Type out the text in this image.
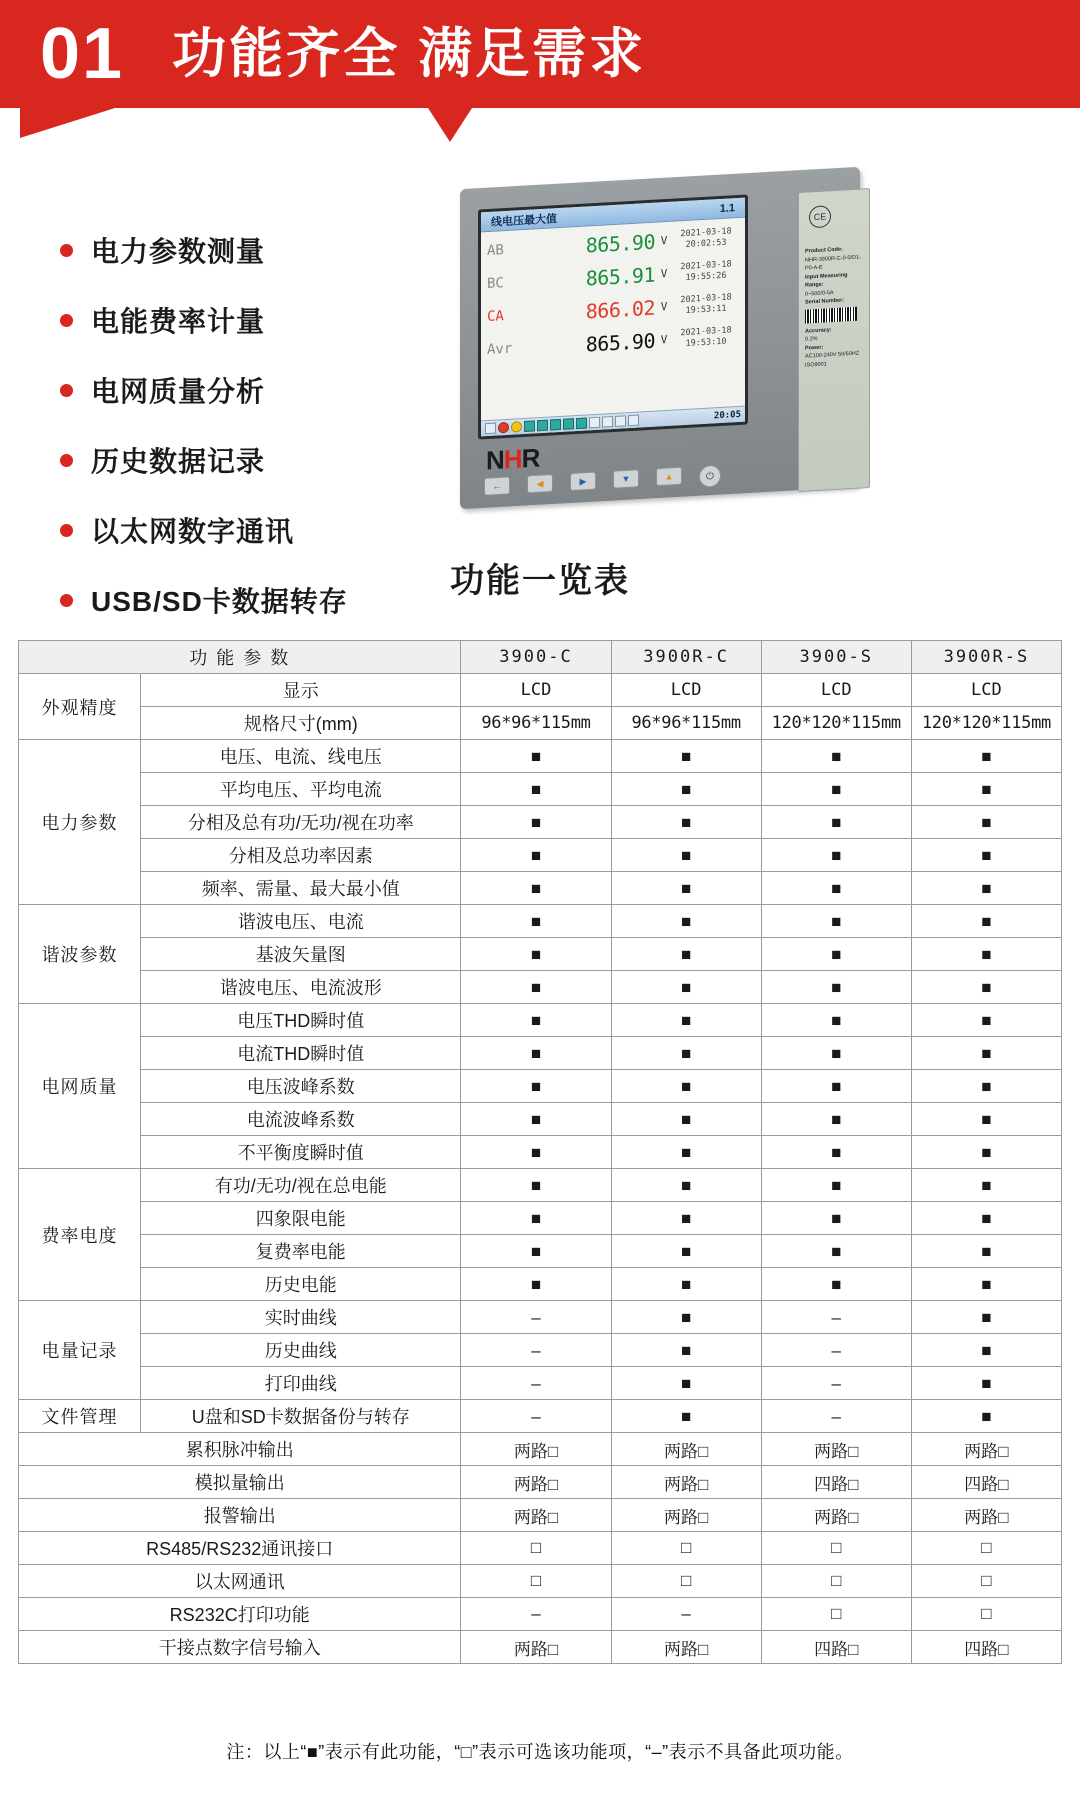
01 功能齐全 满足需求
电力参数测量
电能费率计量
电网质量分析
历史数据记录
以太网数字通讯
USB/SD卡数据转存
CE
Product Code:
NHR-3900R-C-0-0/D1-P0-A-E
Input Measuring Range:
0~500/0-5A
Serial Number:
Accuracy:
0.2%
Power:
AC100-240V 50/60HZ
ISO9001
线电压最大值
1.1
AB	865.90 V
2021-03-18
20:02:53
BC	865.91 V
2021-03-18
19:55:26
CA	866.02 V
2021-03-18
19:53:11
Avr	865.90 V
2021-03-18
19:53:10
20:05
NHR
←	◀	▶	▼	▲	⏻
功能一览表
功 能 参 数		3900-C	3900R-C	3900-S	3900R-S
外观精度	显示	LCD	LCD	LCD	LCD
	规格尺寸(mm)	96*96*115mm	96*96*115mm	120*120*115mm	120*120*115mm
电力参数	电压、电流、线电压	■	■	■	■
	平均电压、平均电流	■	■	■	■
	分相及总有功/无功/视在功率	■	■	■	■
	分相及总功率因素	■	■	■	■
	频率、需量、最大最小值	■	■	■	■
谐波参数	谐波电压、电流	■	■	■	■
	基波矢量图	■	■	■	■
	谐波电压、电流波形	■	■	■	■
电网质量	电压THD瞬时值	■	■	■	■
	电流THD瞬时值	■	■	■	■
	电压波峰系数	■	■	■	■
	电流波峰系数	■	■	■	■
	不平衡度瞬时值	■	■	■	■
费率电度	有功/无功/视在总电能	■	■	■	■
	四象限电能	■	■	■	■
	复费率电能	■	■	■	■
	历史电能	■	■	■	■
电量记录	实时曲线	–	■	–	■
	历史曲线	–	■	–	■
	打印曲线	–	■	–	■
文件管理	U盘和SD卡数据备份与转存	–	■	–	■
累积脉冲输出		两路□	两路□	两路□	两路□
模拟量输出		两路□	两路□	四路□	四路□
报警输出		两路□	两路□	两路□	两路□
RS485/RS232通讯接口		□	□	□	□
以太网通讯		□	□	□	□
RS232C打印功能		–	–	□	□
干接点数字信号输入		两路□	两路□	四路□	四路□
注：以上“■”表示有此功能，“□”表示可选该功能项，“–”表示不具备此项功能。
